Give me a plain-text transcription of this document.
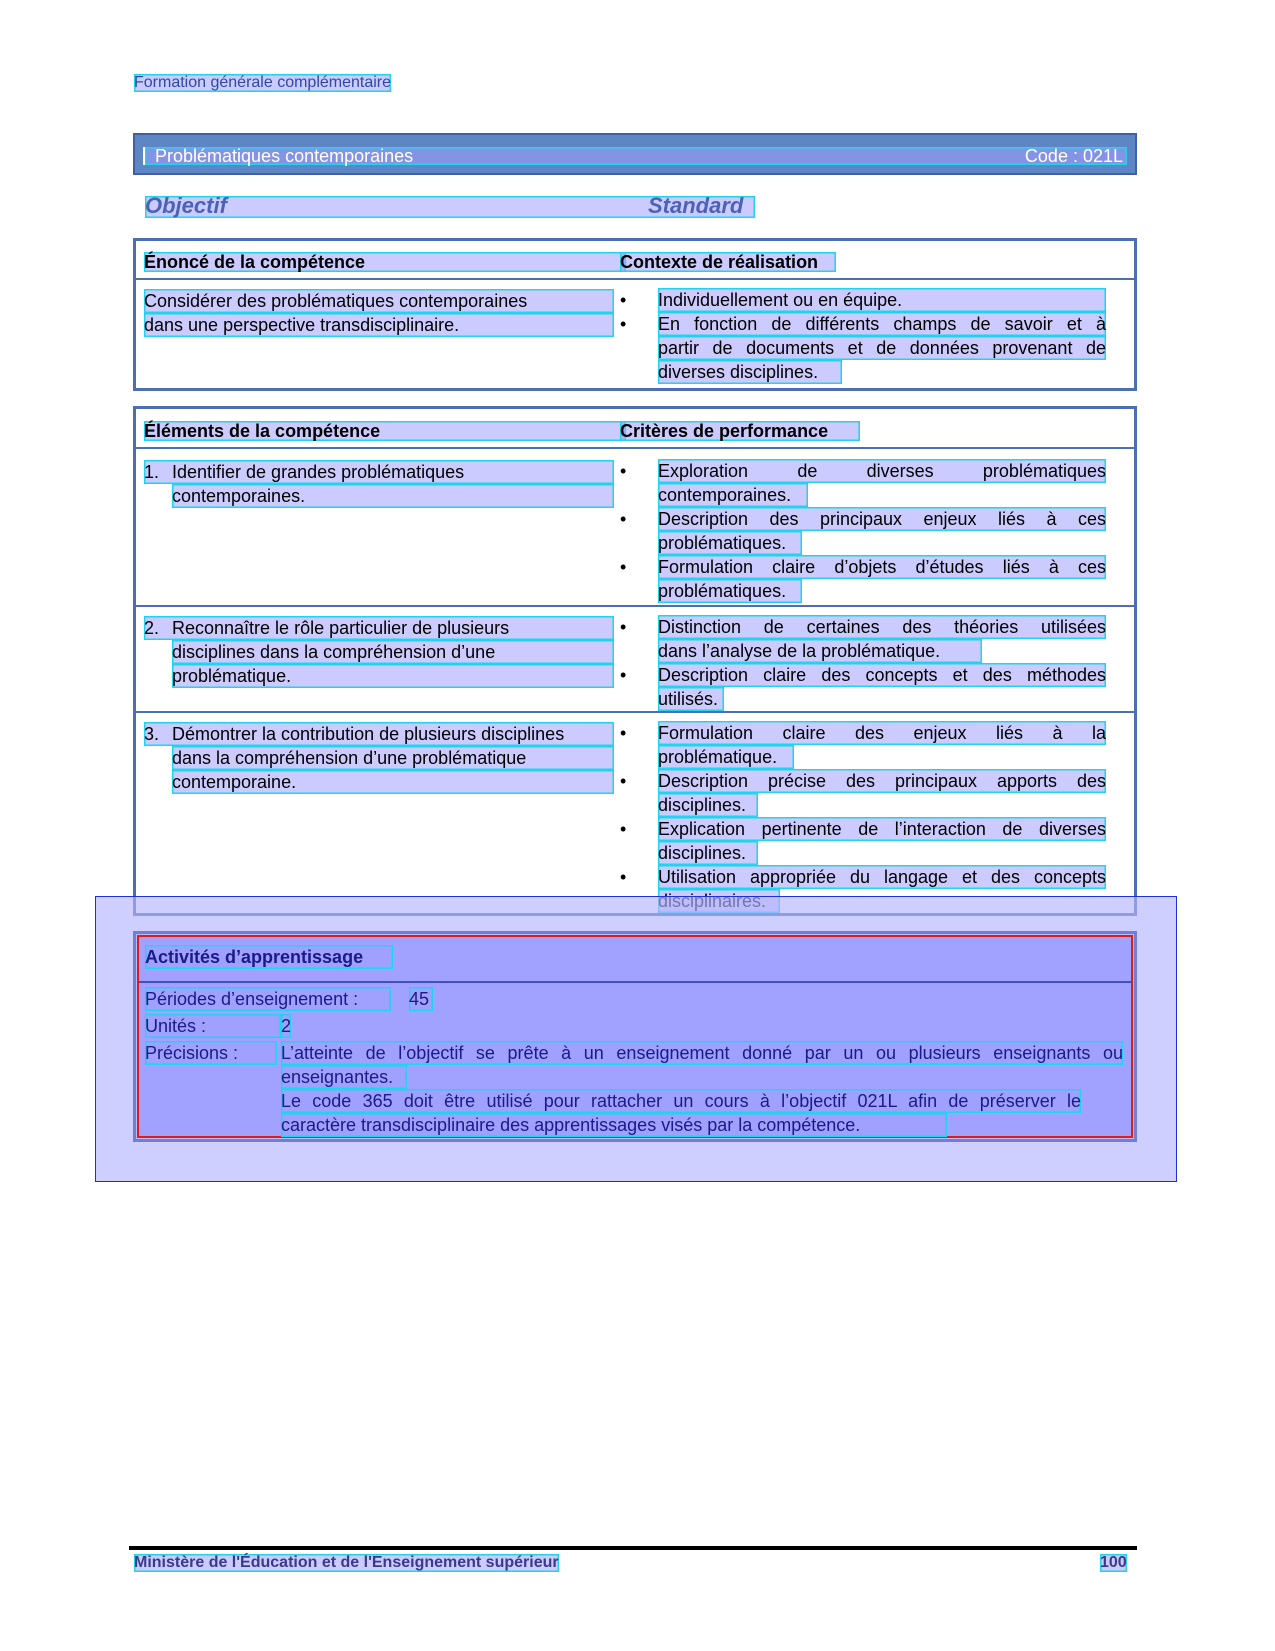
Formation générale complémentaire
Problématiques contemporaines	Code : 021L
Objectif	Standard
Énoncé de la compétence	Contexte de réalisation
Considérer des problématiques contemporaines
dans une perspective transdisciplinaire.
•	Individuellement ou en équipe.
•	En fonction de différents champs de savoir et à
partir de documents et de données provenant de
diverses disciplines.
Éléments de la compétence	Critères de performance
1. Identifier de grandes problématiques
contemporaines.
•	Exploration de diverses problématiques
contemporaines.
•	Description des principaux enjeux liés à ces
problématiques.
•	Formulation claire d’objets d’études liés à ces
problématiques.
2. Reconnaître le rôle particulier de plusieurs
disciplines dans la compréhension d’une
problématique.
•	Distinction de certaines des théories utilisées
dans l’analyse de la problématique.
•	Description claire des concepts et des méthodes
utilisés.
3. Démontrer la contribution de plusieurs disciplines
dans la compréhension d’une problématique
contemporaine.
•	Formulation claire des enjeux liés à la
problématique.
•	Description précise des principaux apports des
disciplines.
•	Explication pertinente de l’interaction de diverses
disciplines.
•	Utilisation appropriée du langage et des concepts
Activités d’apprentissage
Périodes d’enseignement :	45
Unités :	2
Précisions :	L’atteinte de l’objectif se prête à un enseignement donné par un ou plusieurs enseignants ou
enseignantes.
Le code 365 doit être utilisé pour rattacher un cours à l’objectif 021L afin de préserver le
caractère transdisciplinaire des apprentissages visés par la compétence.
Ministère de l'Éducation et de l'Enseignement supérieur	100
